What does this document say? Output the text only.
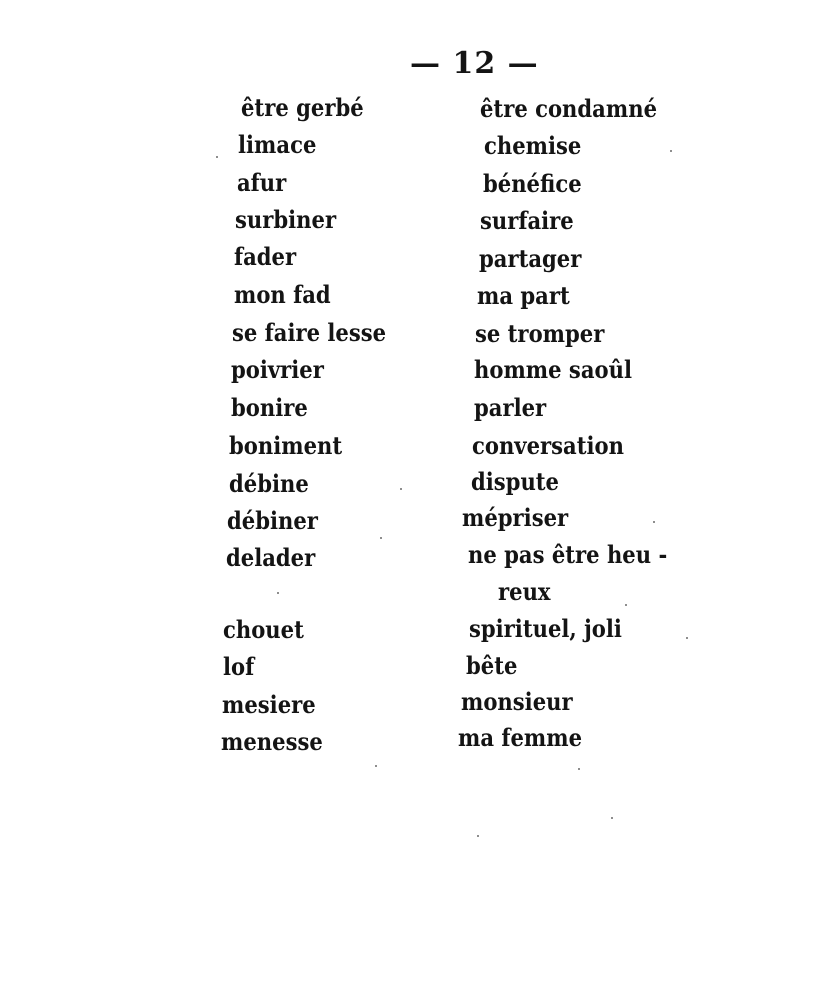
— 12 —
être gerbé
limace
afur
surbiner
fader
mon fad
se faire lesse
poivrier
bonire
boniment
débine
débiner
delader
chouet
lof
mesiere
menesse
être condamné
chemise
bénéfice
surfaire
partager
ma part
se tromper
homme saoûl
parler
conversation
dispute
mépriser
ne pas être heu -
reux
spirituel, joli
bête
monsieur
ma femme
